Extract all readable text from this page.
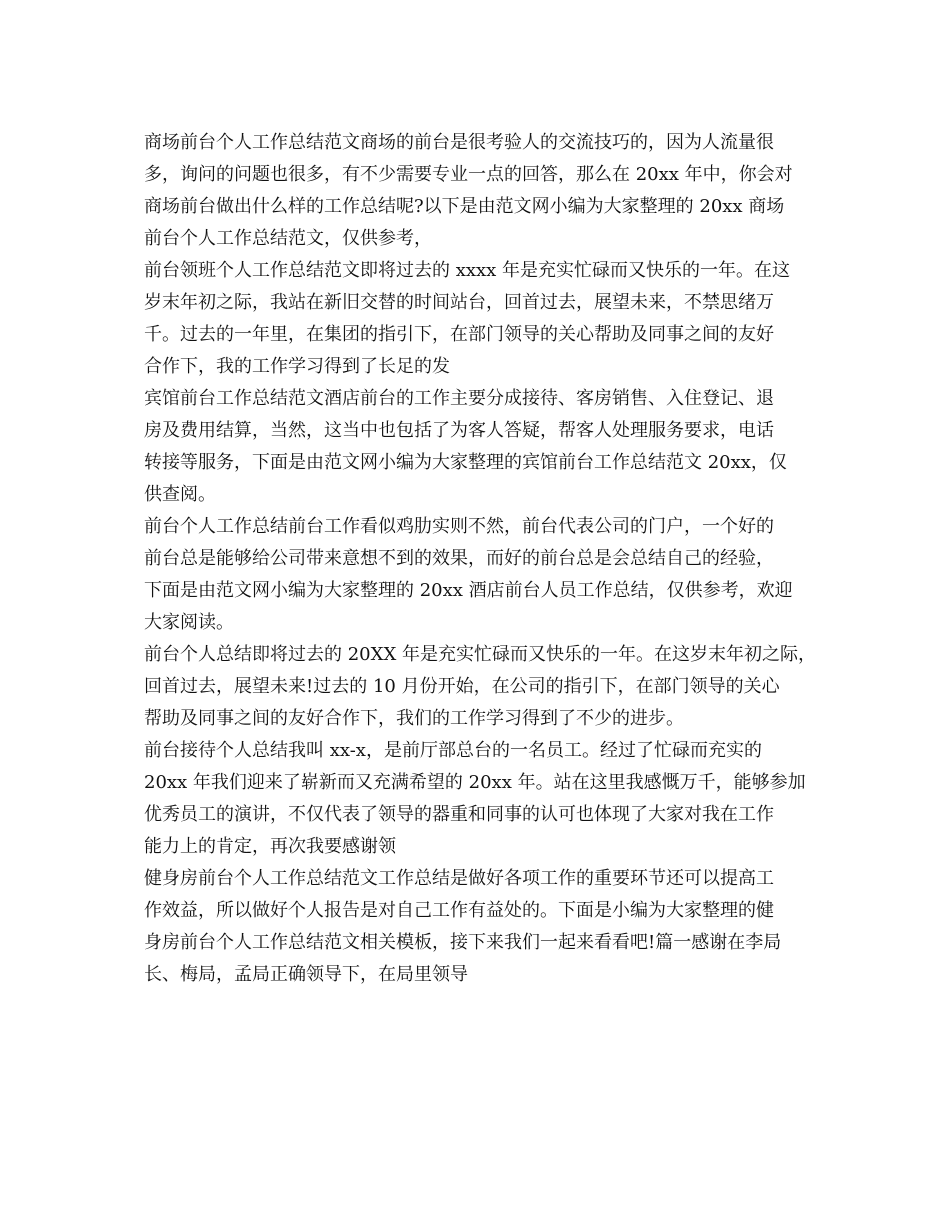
商场前台个人工作总结范文商场的前台是很考验人的交流技巧的，因为人流量很
多，询问的问题也很多，有不少需要专业一点的回答，那么在 20xx 年中，你会对
商场前台做出什么样的工作总结呢?以下是由范文网小编为大家整理的 20xx 商场
前台个人工作总结范文，仅供参考，
前台领班个人工作总结范文即将过去的 xxxx 年是充实忙碌而又快乐的一年。在这
岁末年初之际，我站在新旧交替的时间站台，回首过去，展望未来，不禁思绪万
千。过去的一年里，在集团的指引下，在部门领导的关心帮助及同事之间的友好
合作下，我的工作学习得到了长足的发
宾馆前台工作总结范文酒店前台的工作主要分成接待、客房销售、入住登记、退
房及费用结算，当然，这当中也包括了为客人答疑，帮客人处理服务要求，电话
转接等服务，下面是由范文网小编为大家整理的宾馆前台工作总结范文 20xx，仅
供查阅。
前台个人工作总结前台工作看似鸡肋实则不然，前台代表公司的门户，一个好的
前台总是能够给公司带来意想不到的效果，而好的前台总是会总结自己的经验，
下面是由范文网小编为大家整理的 20xx 酒店前台人员工作总结，仅供参考，欢迎
大家阅读。
前台个人总结即将过去的 20XX 年是充实忙碌而又快乐的一年。在这岁末年初之际，
回首过去，展望未来!过去的 10 月份开始，在公司的指引下，在部门领导的关心
帮助及同事之间的友好合作下，我们的工作学习得到了不少的进步。
前台接待个人总结我叫 xx-x，是前厅部总台的一名员工。经过了忙碌而充实的
20xx 年我们迎来了崭新而又充满希望的 20xx 年。站在这里我感慨万千，能够参加
优秀员工的演讲，不仅代表了领导的器重和同事的认可也体现了大家对我在工作
能力上的肯定，再次我要感谢领
健身房前台个人工作总结范文工作总结是做好各项工作的重要环节还可以提高工
作效益，所以做好个人报告是对自己工作有益处的。下面是小编为大家整理的健
身房前台个人工作总结范文相关模板，接下来我们一起来看看吧!篇一感谢在李局
长、梅局，孟局正确领导下，在局里领导
